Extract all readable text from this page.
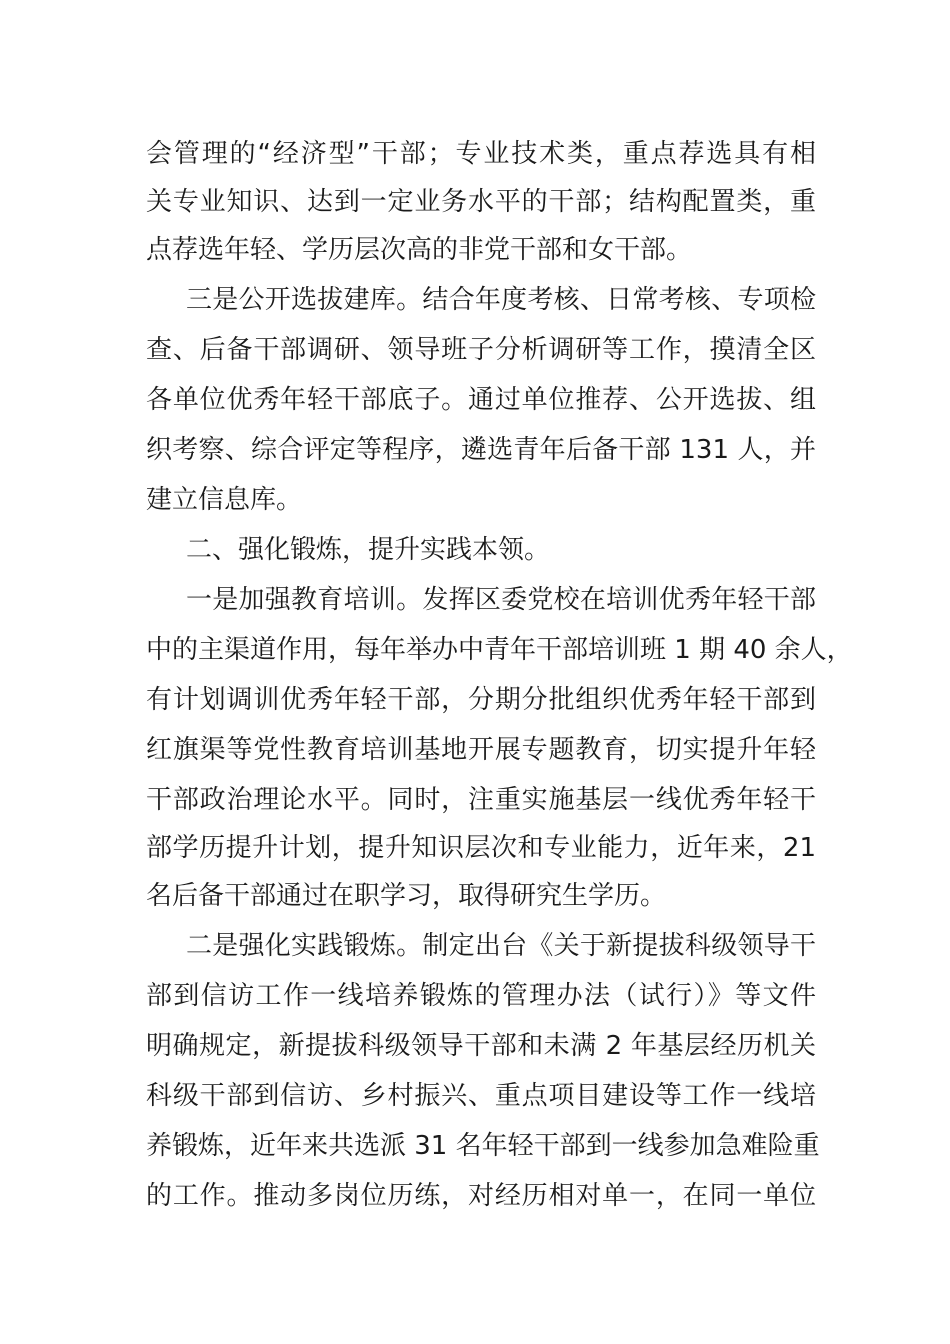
会管理的“经济型”干部；专业技术类，重点荐选具有相
关专业知识、达到一定业务水平的干部；结构配置类，重
点荐选年轻、学历层次高的非党干部和女干部。
三是公开选拔建库。结合年度考核、日常考核、专项检
查、后备干部调研、领导班子分析调研等工作，摸清全区
各单位优秀年轻干部底子。通过单位推荐、公开选拔、组
织考察、综合评定等程序，遴选青年后备干部 131 人，并
建立信息库。
二、强化锻炼，提升实践本领。
一是加强教育培训。发挥区委党校在培训优秀年轻干部
中的主渠道作用，每年举办中青年干部培训班 1 期 40 余人，
有计划调训优秀年轻干部，分期分批组织优秀年轻干部到
红旗渠等党性教育培训基地开展专题教育，切实提升年轻
干部政治理论水平。同时，注重实施基层一线优秀年轻干
部学历提升计划，提升知识层次和专业能力，近年来，21
名后备干部通过在职学习，取得研究生学历。
二是强化实践锻炼。制定出台《关于新提拔科级领导干
部到信访工作一线培养锻炼的管理办法（试行）》等文件
明确规定，新提拔科级领导干部和未满 2 年基层经历机关
科级干部到信访、乡村振兴、重点项目建设等工作一线培
养锻炼，近年来共选派 31 名年轻干部到一线参加急难险重
的工作。推动多岗位历练，对经历相对单一，在同一单位
